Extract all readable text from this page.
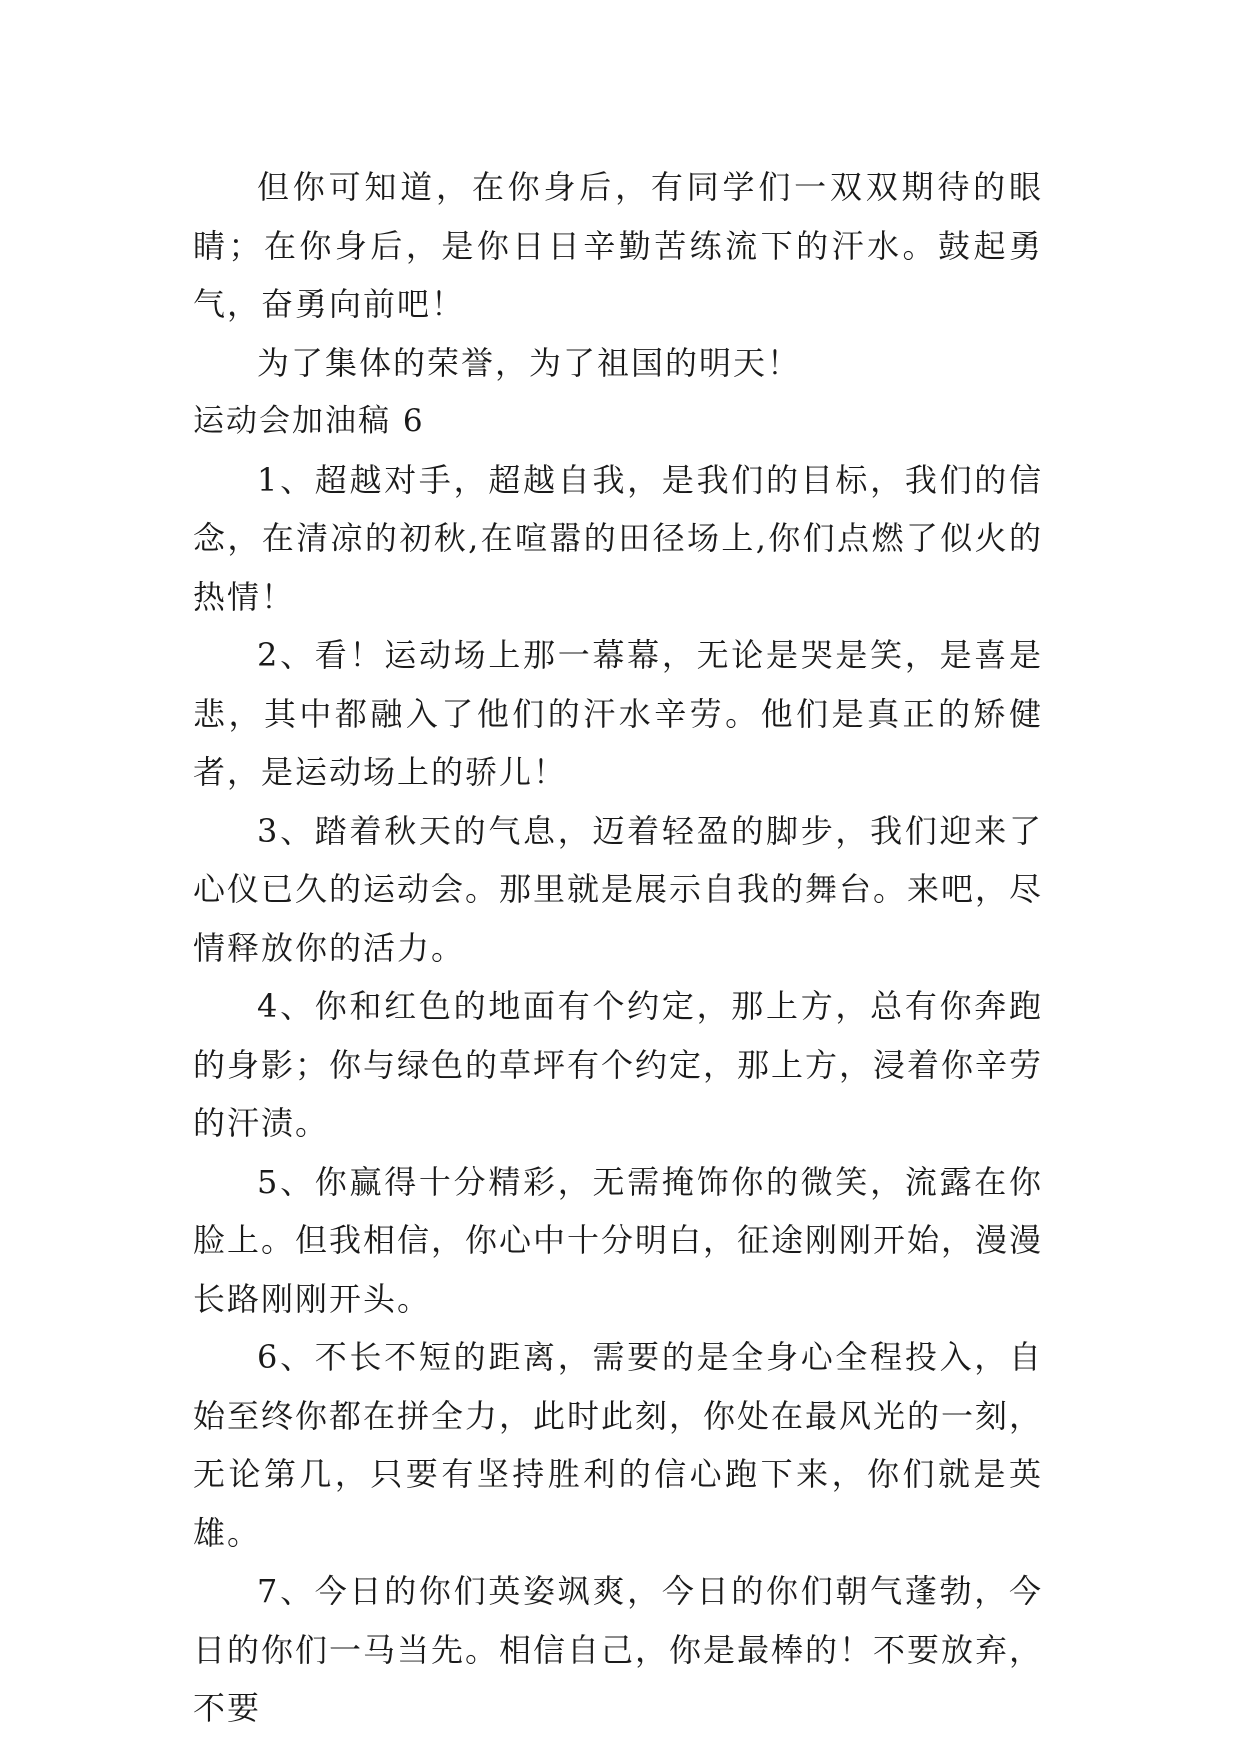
但你可知道，在你身后，有同学们一双双期待的眼睛；在你身后，是你日日辛勤苦练流下的汗水。鼓起勇气，奋勇向前吧！

为了集体的荣誉，为了祖国的明天！

运动会加油稿 6

1、超越对手，超越自我，是我们的目标，我们的信念，在清凉的初秋,在喧嚣的田径场上,你们点燃了似火的热情！

2、看！运动场上那一幕幕，无论是哭是笑，是喜是悲，其中都融入了他们的汗水辛劳。他们是真正的矫健者，是运动场上的骄儿！

3、踏着秋天的气息，迈着轻盈的脚步，我们迎来了心仪已久的运动会。那里就是展示自我的舞台。来吧，尽情释放你的活力。

4、你和红色的地面有个约定，那上方，总有你奔跑的身影；你与绿色的草坪有个约定，那上方，浸着你辛劳的汗渍。

5、你赢得十分精彩，无需掩饰你的微笑，流露在你脸上。但我相信，你心中十分明白，征途刚刚开始，漫漫长路刚刚开头。

6、不长不短的距离，需要的是全身心全程投入，自始至终你都在拼全力，此时此刻，你处在最风光的一刻，无论第几，只要有坚持胜利的信心跑下来，你们就是英雄。

7、今日的你们英姿飒爽，今日的你们朝气蓬勃，今日的你们一马当先。相信自己，你是最棒的！不要放弃，不要
